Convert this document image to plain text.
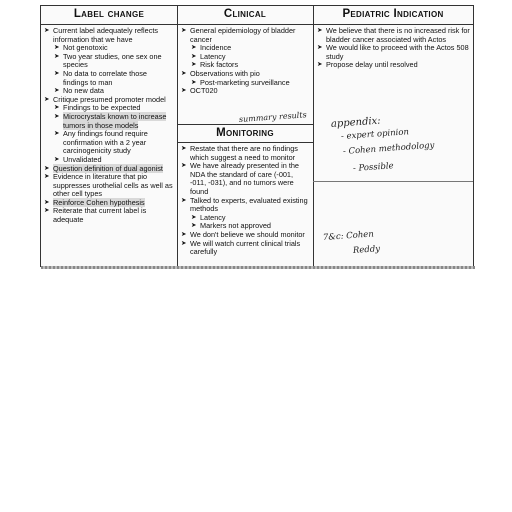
Label change	Clinical	Pediatric Indication
Monitoring
➤ Current label adequately reflects information that we have
➤ Not genotoxic
➤ Two year studies, one sex one species
➤ No data to correlate those findings to man
➤ No new data
➤ Critique presumed promoter model
➤ Findings to be expected
➤ Microcrystals known to increase tumors in those models
➤ Any findings found require confirmation with a 2 year carcinogenicity study
➤ Unvalidated
➤ Question definition of dual agonist
➤ Evidence in literature that pio suppresses urothelial cells as well as other cell types
➤ Reinforce Cohen hypothesis
➤ Reiterate that current label is adequate
➤ General epidemiology of bladder cancer
➤ Incidence
➤ Latency
➤ Risk factors
➤ Observations with pio
➤ Post-marketing surveillance
➤ OCT020
➤ Restate that there are no findings which suggest a need to monitor
➤ We have already presented in the NDA the standard of care (-001, -011, -031), and no tumors were found
➤ Talked to experts, evaluated existing methods
➤ Latency
➤ Markers not approved
➤ We don't believe we should monitor
➤ We will watch current clinical trials carefully
➤ We believe that there is no increased risk for bladder cancer associated with Actos
➤ We would like to proceed with the Actos 508 study
➤ Propose delay until resolved
summary results appendix:
- expert opinion
- Cohen methodology
- Possible
7&c: Cohen
Reddy
